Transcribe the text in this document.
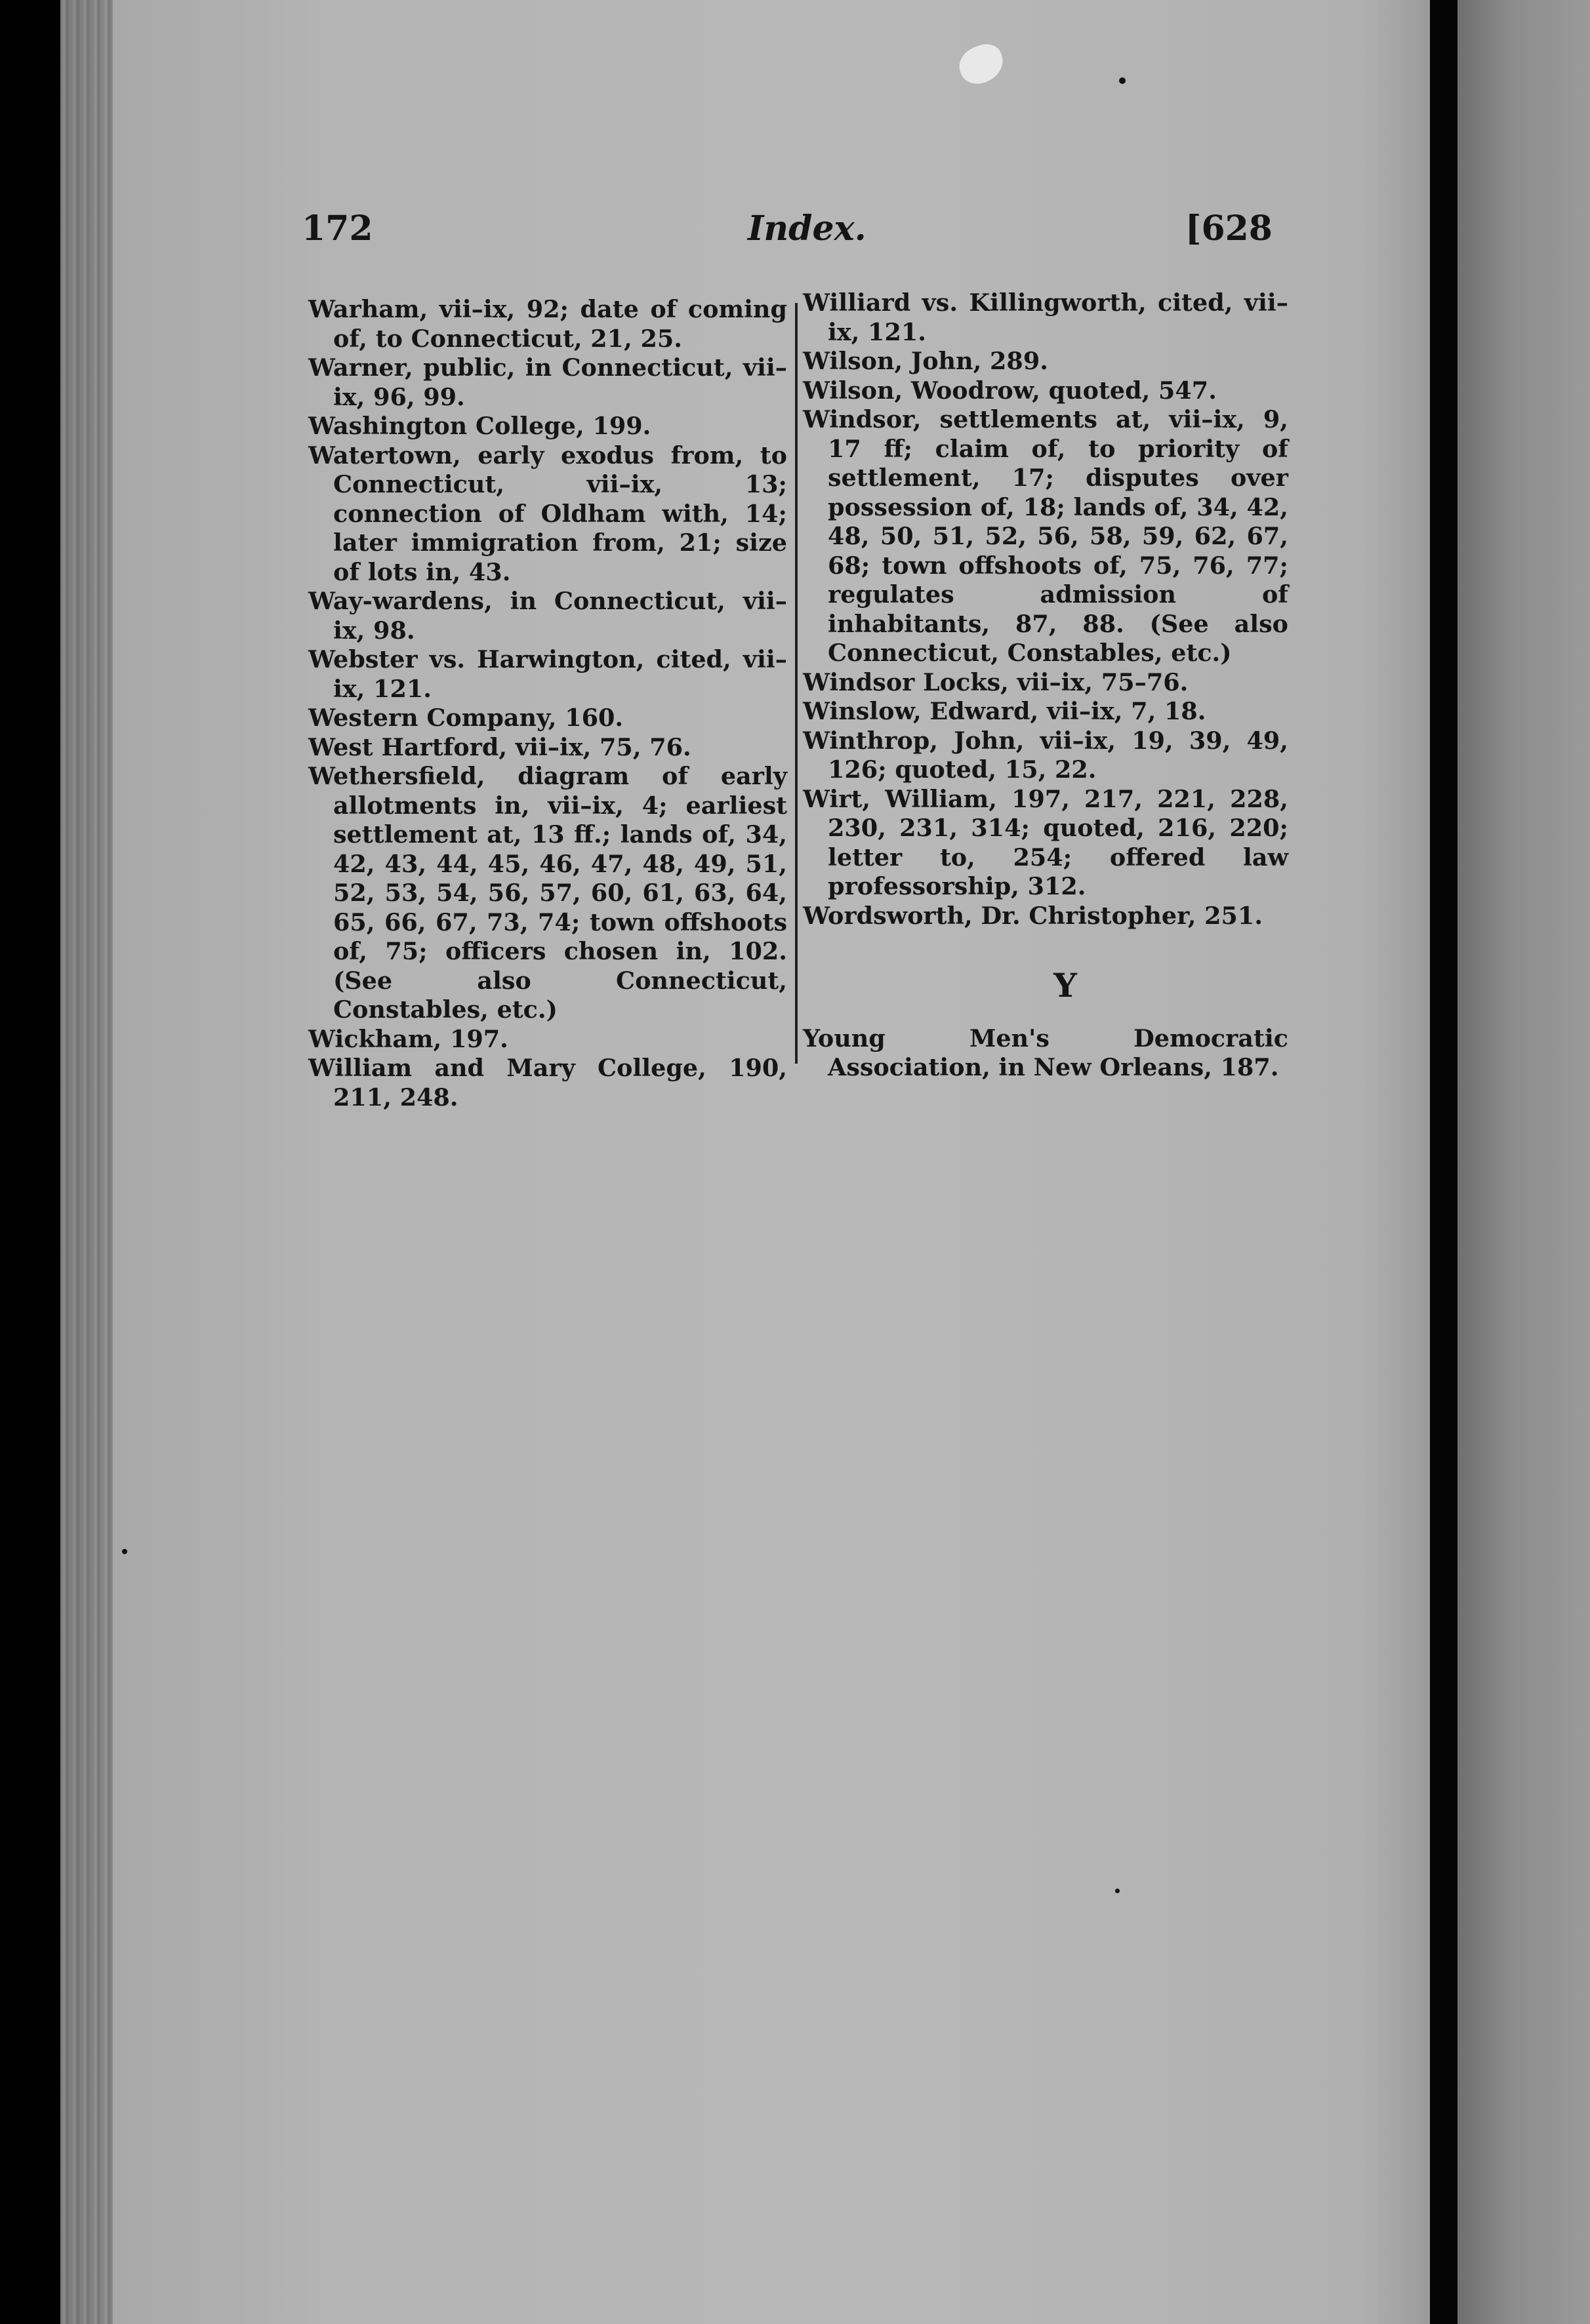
172	Index.	[628

Warham, vii–ix, 92; date of coming of, to Connecticut, 21, 25.

Warner, public, in Connecticut, vii–ix, 96, 99.

Washington College, 199.

Watertown, early exodus from, to Connecticut, vii–ix, 13; connection of Oldham with, 14; later immigration from, 21; size of lots in, 43.

Way-wardens, in Connecticut, vii–ix, 98.

Webster vs. Harwington, cited, vii–ix, 121.

Western Company, 160.

West Hartford, vii–ix, 75, 76.

Wethersfield, diagram of early allotments in, vii–ix, 4; earliest settlement at, 13 ff.; lands of, 34, 42, 43, 44, 45, 46, 47, 48, 49, 51, 52, 53, 54, 56, 57, 60, 61, 63, 64, 65, 66, 67, 73, 74; town offshoots of, 75; officers chosen in, 102. (See also Connecticut, Constables, etc.)

Wickham, 197.

William and Mary College, 190, 211, 248.

Williard vs. Killingworth, cited, vii–ix, 121.

Wilson, John, 289.

Wilson, Woodrow, quoted, 547.

Windsor, settlements at, vii–ix, 9, 17 ff; claim of, to priority of settlement, 17; disputes over possession of, 18; lands of, 34, 42, 48, 50, 51, 52, 56, 58, 59, 62, 67, 68; town offshoots of, 75, 76, 77; regulates admission of inhabitants, 87, 88. (See also Connecticut, Constables, etc.)

Windsor Locks, vii–ix, 75–76.

Winslow, Edward, vii–ix, 7, 18.

Winthrop, John, vii–ix, 19, 39, 49, 126; quoted, 15, 22.

Wirt, William, 197, 217, 221, 228, 230, 231, 314; quoted, 216, 220; letter to, 254; offered law professorship, 312.

Wordsworth, Dr. Christopher, 251.

Y

Young Men's Democratic Association, in New Orleans, 187.
